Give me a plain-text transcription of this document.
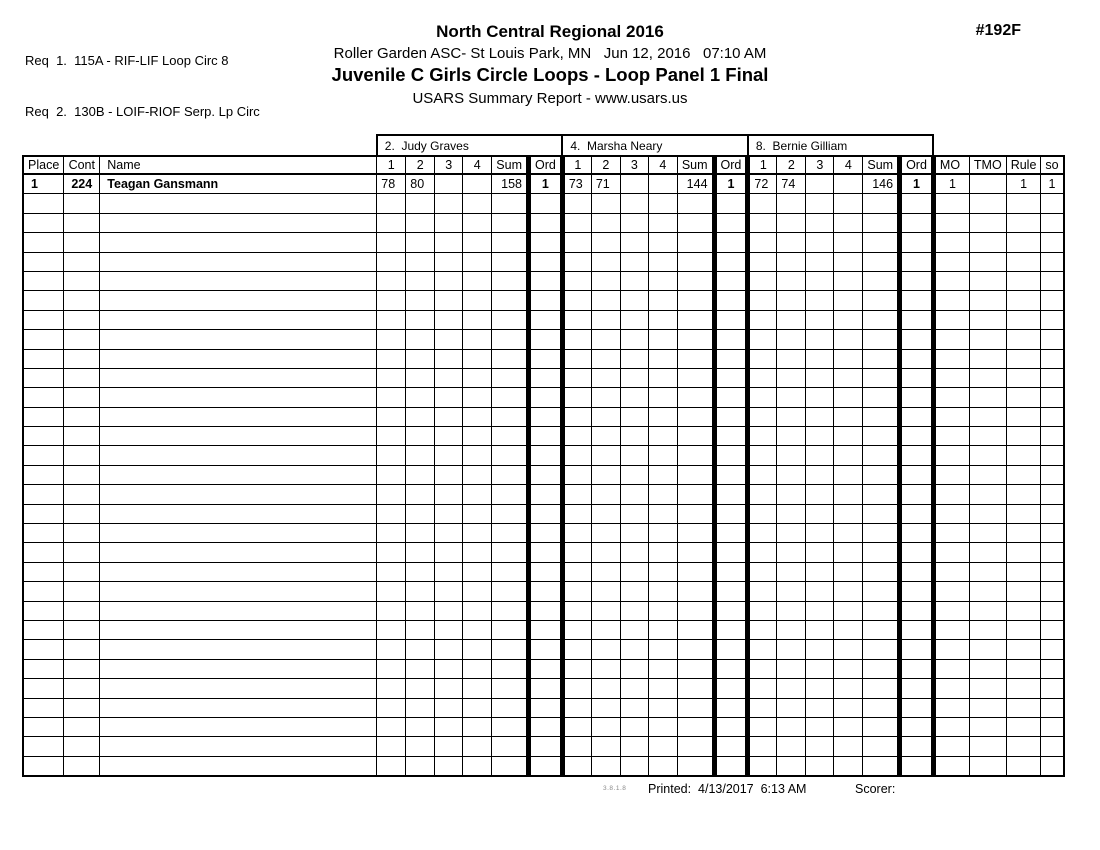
Req  1.  115A - RIF-LIF Loop Circ 8

Req  2.  130B - LOIF-RIOF Serp. Lp Circ

North Central Regional 2016
Roller Garden ASC- St Louis Park, MN   Jun 12, 2016   07:10 AM
Juvenile C Girls Circle Loops - Loop Panel 1 Final
USARS Summary Report - www.usars.us
#192F
			2.  Judy Graves						4.  Marsha Neary						8.  Bernie Gilliam									
Place	Cont	Name	1	2	3	4	Sum	Ord	1	2	3	4	Sum	Ord	1	2	3	4	Sum	Ord	MO	TMO	Rule	so
1	224	Teagan Gansmann	78	80			158	1	73	71			144	1	72	74			146	1	1		1	1

3.8.1.8 Printed:  4/13/2017  6:13 AM	Scorer:
